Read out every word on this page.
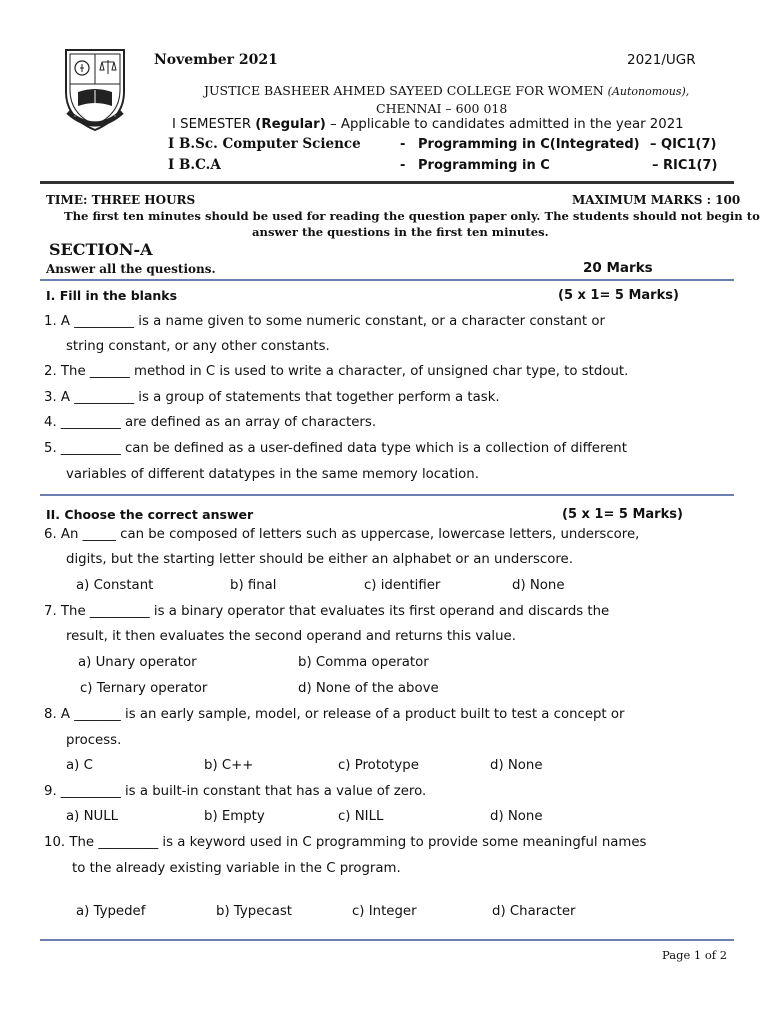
November 2021	2021/UGR
JUSTICE BASHEER AHMED SAYEED COLLEGE FOR WOMEN (Autonomous),
CHENNAI – 600 018
I SEMESTER (Regular) – Applicable to candidates admitted in the year 2021
I B.Sc. Computer Science	- Programming in C(Integrated) – QIC1(7)
I B.C.A	- Programming in C	– RIC1(7)
TIME: THREE HOURS	MAXIMUM MARKS : 100
The first ten minutes should be used for reading the question paper only. The students should not begin to
answer the questions in the first ten minutes.
SECTION-A
Answer all the questions.	20 Marks
I. Fill in the blanks	(5 x 1= 5 Marks)
1. A _________ is a name given to some numeric constant, or a character constant or
string constant, or any other constants.
2. The ______ method in C is used to write a character, of unsigned char type, to stdout.
3. A _________ is a group of statements that together perform a task.
4. _________ are defined as an array of characters.
5. _________ can be defined as a user-defined data type which is a collection of different
variables of different datatypes in the same memory location.
II. Choose the correct answer	(5 x 1= 5 Marks)
6. An _____ can be composed of letters such as uppercase, lowercase letters, underscore,
digits, but the starting letter should be either an alphabet or an underscore.
a) Constant	b) final	c) identifier	d) None
7. The _________ is a binary operator that evaluates its first operand and discards the
result, it then evaluates the second operand and returns this value.
a) Unary operator	b) Comma operator
c) Ternary operator	d) None of the above
8. A _______ is an early sample, model, or release of a product built to test a concept or
process.
a) C	b) C++	c) Prototype	d) None
9. _________ is a built-in constant that has a value of zero.
a) NULL	b) Empty	c) NILL	d) None
10. The _________ is a keyword used in C programming to provide some meaningful names
to the already existing variable in the C program.
a) Typedef	b) Typecast	c) Integer	d) Character
Page 1 of 2
